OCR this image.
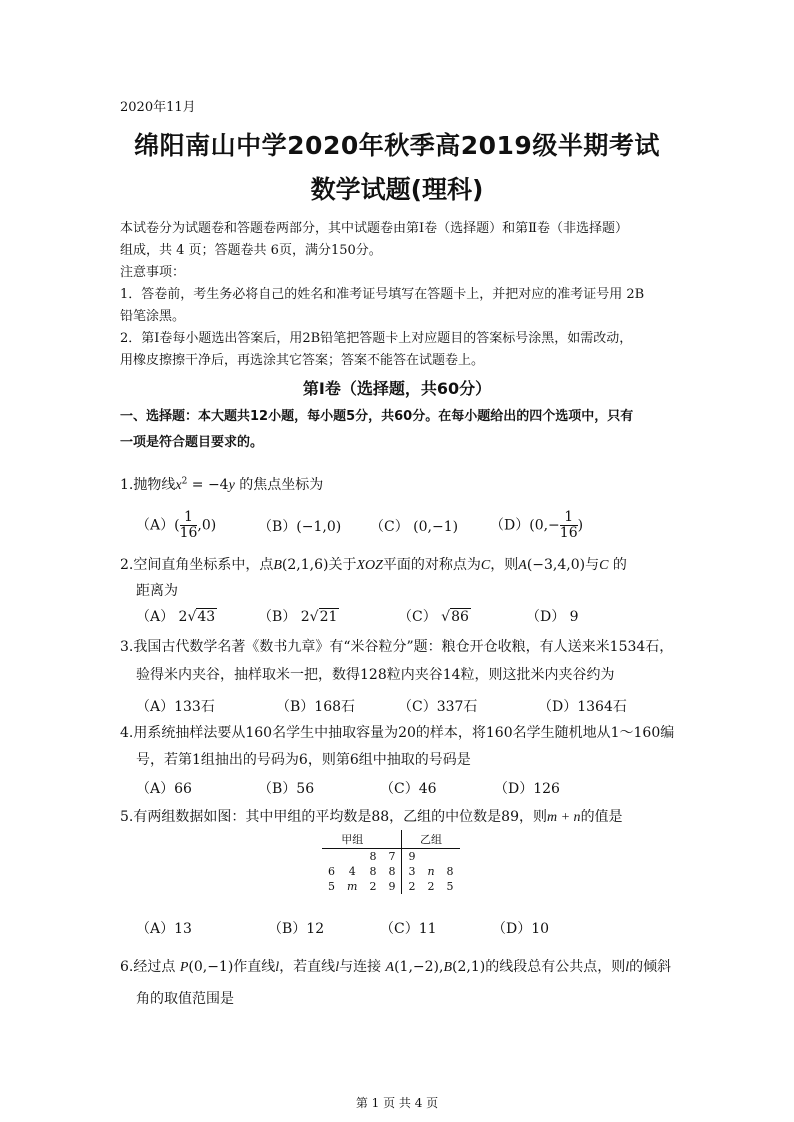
2020年11月
绵阳南山中学2020年秋季高2019级半期考试
数学试题(理科)
本试卷分为试题卷和答题卷两部分，其中试题卷由第Ⅰ卷（选择题）和第Ⅱ卷（非选择题）
组成，共 4 页；答题卷共 6页，满分150分。
注意事项：
1．答卷前，考生务必将自己的姓名和准考证号填写在答题卡上，并把对应的准考证号用 2B
铅笔涂黑。
2．第Ⅰ卷每小题选出答案后，用2B铅笔把答题卡上对应题目的答案标号涂黑，如需改动，
用橡皮擦擦干净后，再选涂其它答案；答案不能答在试题卷上。
第Ⅰ卷（选择题，共60分）
一、选择题：本大题共12小题，每小题5分，共60分。在每小题给出的四个选项中，只有
一项是符合题目要求的。
1.抛物线$x^2 = -4y$ 的焦点坐标为
$(A)( \frac{1}{16} ,0)$	（B）(−1,0) （C） (0,−1) $(D)(0,- \frac{1}{16}$ )
2.空间直角坐标系中，点B(2,1,6)关于XOZ平面的对称点为C，则A(−3,4,0)与C 的
距离为
（A） 2√43	（B） 2√21	（C） √86	（D） 9
3.我国古代数学名著《数书九章》有“米谷粒分”题：粮仓开仓收粮，有人送来米1534石，
验得米内夹谷，抽样取米一把，数得128粒内夹谷14粒，则这批米内夹谷约为
（A）133石	（B）168石	（C）337石	（D）1364石
4.用系统抽样法要从160名学生中抽取容量为20的样本，将160名学生随机地从1～160编
号，若第1组抽出的号码为6，则第6组中抽取的号码是
（A）66	（B）56	（C）46	（D）126
5.有两组数据如图：其中甲组的平均数是88，乙组的中位数是89，则m + n的值是
甲组				乙组		
		8	7	9		
6	4	8	8	3	n	8
5	m	2	9	2	2	5
（A）13	（B）12	（C）11	（D）10
6.经过点 P(0,−1)作直线l，若直线l与连接 A(1,−2),B(2,1)的线段总有公共点，则l的倾斜
角的取值范围是
第 1 页 共 4 页
